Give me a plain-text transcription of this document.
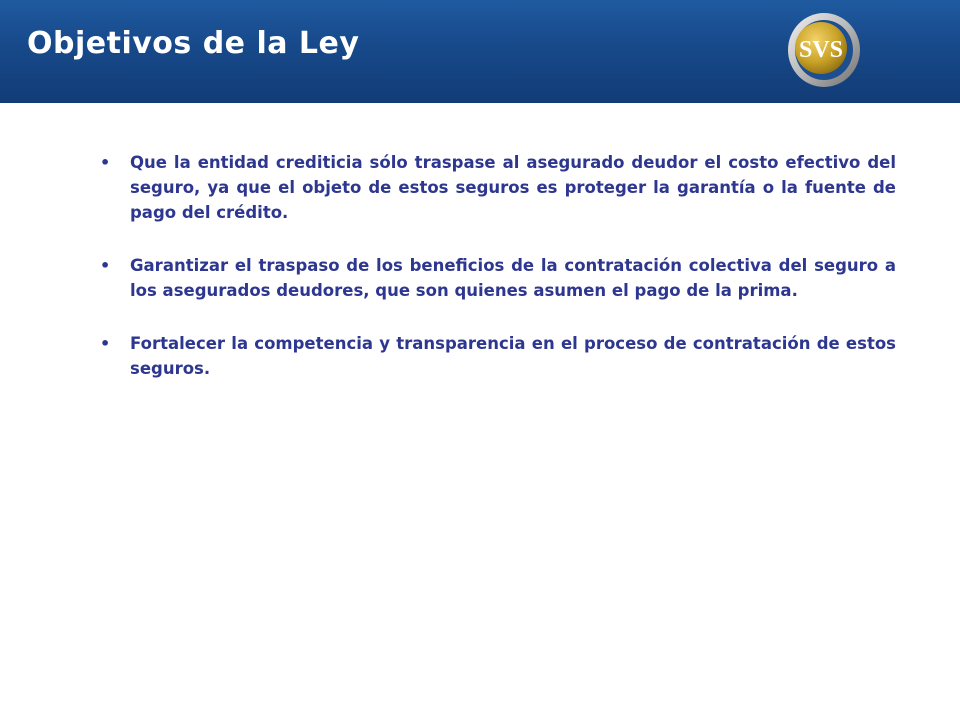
Objetivos de la Ley	SVS
• Que la entidad crediticia sólo traspase al asegurado deudor el costo efectivo del seguro, ya que el objeto de estos seguros es proteger la garantía o la fuente de pago del crédito.
• Garantizar el traspaso de los beneficios de la contratación colectiva del seguro a los asegurados deudores, que son quienes asumen el pago de la prima.
• Fortalecer la competencia y transparencia en el proceso de contratación de estos seguros.
